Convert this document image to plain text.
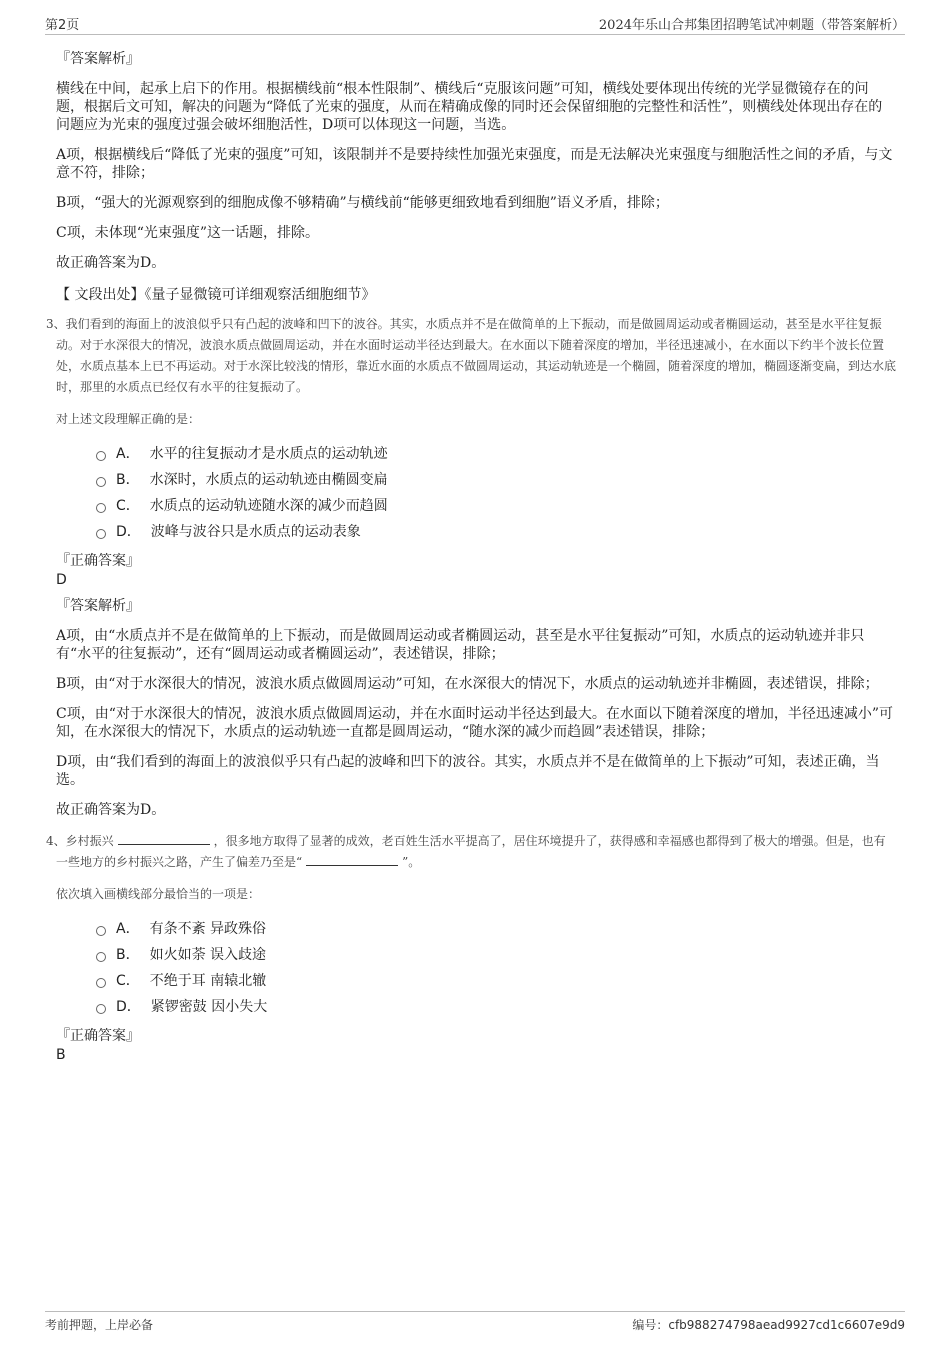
第2页	2024年乐山合邦集团招聘笔试冲刺题（带答案解析）
『答案解析』

横线在中间，起承上启下的作用。根据横线前“根本性限制”、横线后“克服该问题”可知，横线处要体现出传统的光学显微镜存在的问题，根据后文可知，解决的问题为“降低了光束的强度，从而在精确成像的同时还会保留细胞的完整性和活性”，则横线处体现出存在的问题应为光束的强度过强会破坏细胞活性，D项可以体现这一问题，当选。

A项，根据横线后“降低了光束的强度”可知，该限制并不是要持续性加强光束强度，而是无法解决光束强度与细胞活性之间的矛盾，与文意不符，排除；

B项，“强大的光源观察到的细胞成像不够精确”与横线前“能够更细致地看到细胞”语义矛盾，排除；

C项，未体现“光束强度”这一话题，排除。

故正确答案为D。

【 文段出处】《量子显微镜可详细观察活细胞细节》

3、我们看到的海面上的波浪似乎只有凸起的波峰和凹下的波谷。其实，水质点并不是在做简单的上下振动，而是做圆周运动或者椭圆运动，甚至是水平往复振动。对于水深很大的情况，波浪水质点做圆周运动，并在水面时运动半径达到最大。在水面以下随着深度的增加，半径迅速减小，在水面以下约半个波长位置处，水质点基本上已不再运动。对于水深比较浅的情形，靠近水面的水质点不做圆周运动，其运动轨迹是一个椭圆，随着深度的增加，椭圆逐渐变扁，到达水底时，那里的水质点已经仅有水平的往复振动了。

对上述文段理解正确的是：

A． 水平的往复振动才是水质点的运动轨迹
B． 水深时，水质点的运动轨迹由椭圆变扁
C． 水质点的运动轨迹随水深的减少而趋圆
D． 波峰与波谷只是水质点的运动表象

『正确答案』

D

『答案解析』

A项，由“水质点并不是在做简单的上下振动，而是做圆周运动或者椭圆运动，甚至是水平往复振动”可知，水质点的运动轨迹并非只有“水平的往复振动”，还有“圆周运动或者椭圆运动”，表述错误，排除；

B项，由“对于水深很大的情况，波浪水质点做圆周运动”可知，在水深很大的情况下，水质点的运动轨迹并非椭圆，表述错误，排除；

C项，由“对于水深很大的情况，波浪水质点做圆周运动，并在水面时运动半径达到最大。在水面以下随着深度的增加，半径迅速减小”可知，在水深很大的情况下，水质点的运动轨迹一直都是圆周运动，“随水深的减少而趋圆”表述错误，排除；

D项，由“我们看到的海面上的波浪似乎只有凸起的波峰和凹下的波谷。其实，水质点并不是在做简单的上下振动”可知，表述正确，当选。

故正确答案为D。

4、乡村振兴	，很多地方取得了显著的成效，老百姓生活水平提高了，居住环境提升了，获得感和幸福感也都得到了极大的增强。但是，也有一些地方的乡村振兴之路，产生了偏差乃至是“	”。

依次填入画横线部分最恰当的一项是：

A． 有条不紊 异政殊俗
B． 如火如荼 误入歧途
C． 不绝于耳 南辕北辙
D． 紧锣密鼓 因小失大

『正确答案』

B

考前押题，上岸必备	编号：cfb988274798aead9927cd1c6607e9d9
